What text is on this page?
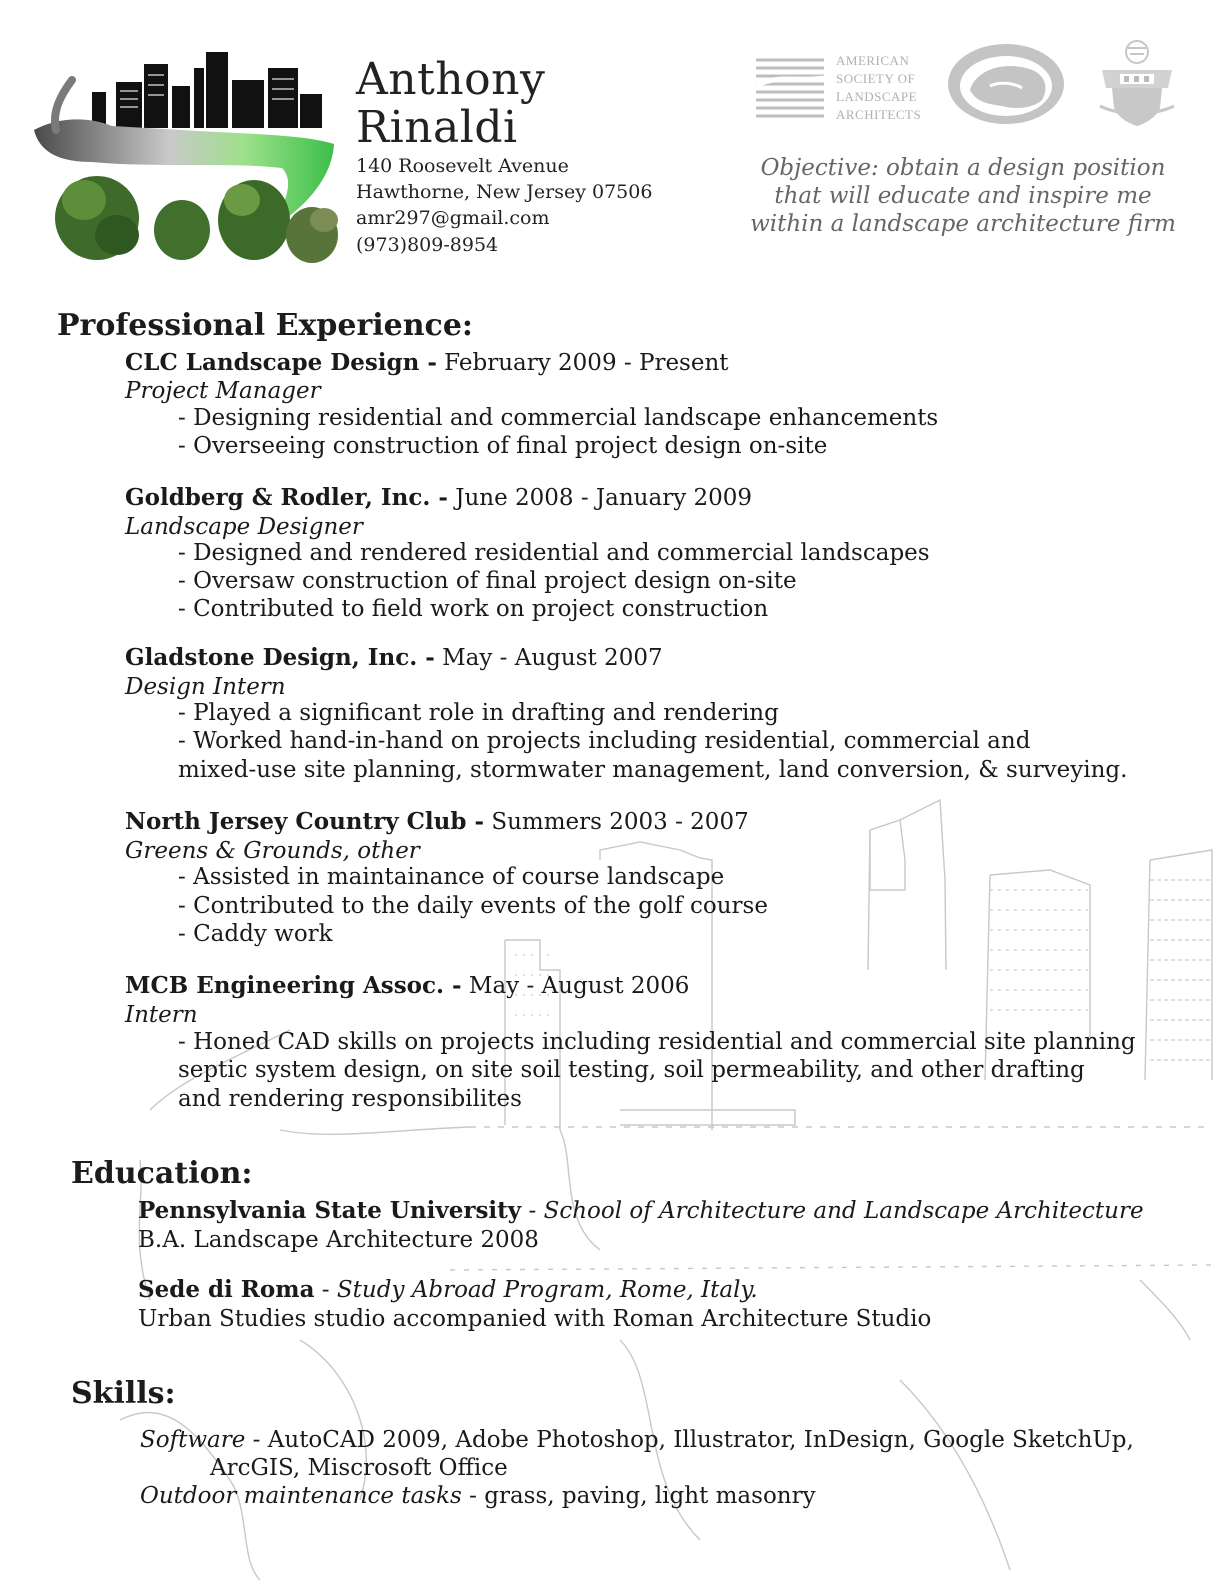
Anthony
Rinaldi
140 Roosevelt Avenue
Hawthorne, New Jersey 07506
amr297@gmail.com
(973)809-8954
AMERICAN
SOCIETY OF
LANDSCAPE
ARCHITECTS
Objective: obtain a design position
that will educate and inspire me
within a landscape architecture firm
Professional Experience:
CLC Landscape Design - February 2009 - Present
Project Manager
- Designing residential and commercial landscape enhancements
- Overseeing construction of final project design on-site
Goldberg & Rodler, Inc. - June 2008 - January 2009
Landscape Designer
- Designed and rendered residential and commercial landscapes
- Oversaw construction of final project design on-site
- Contributed to field work on project construction
Gladstone Design, Inc. - May - August 2007
Design Intern
- Played a significant role in drafting and rendering
- Worked hand-in-hand on projects including residential, commercial and
mixed-use site planning, stormwater management, land conversion, & surveying.
North Jersey Country Club - Summers 2003 - 2007
Greens & Grounds, other
- Assisted in maintainance of course landscape
- Contributed to the daily events of the golf course
- Caddy work
MCB Engineering Assoc. - May - August 2006
Intern
- Honed CAD skills on projects including residential and commercial site planning
septic system design, on site soil testing, soil permeability, and other drafting
and rendering responsibilites
Education:
Pennsylvania State University - School of Architecture and Landscape Architecture
B.A. Landscape Architecture 2008
Sede di Roma - Study Abroad Program, Rome, Italy.
Urban Studies studio accompanied with Roman Architecture Studio
Skills:
Software - AutoCAD 2009, Adobe Photoshop, Illustrator, InDesign, Google SketchUp,
ArcGIS, Miscrosoft Office
Outdoor maintenance tasks - grass, paving, light masonry
